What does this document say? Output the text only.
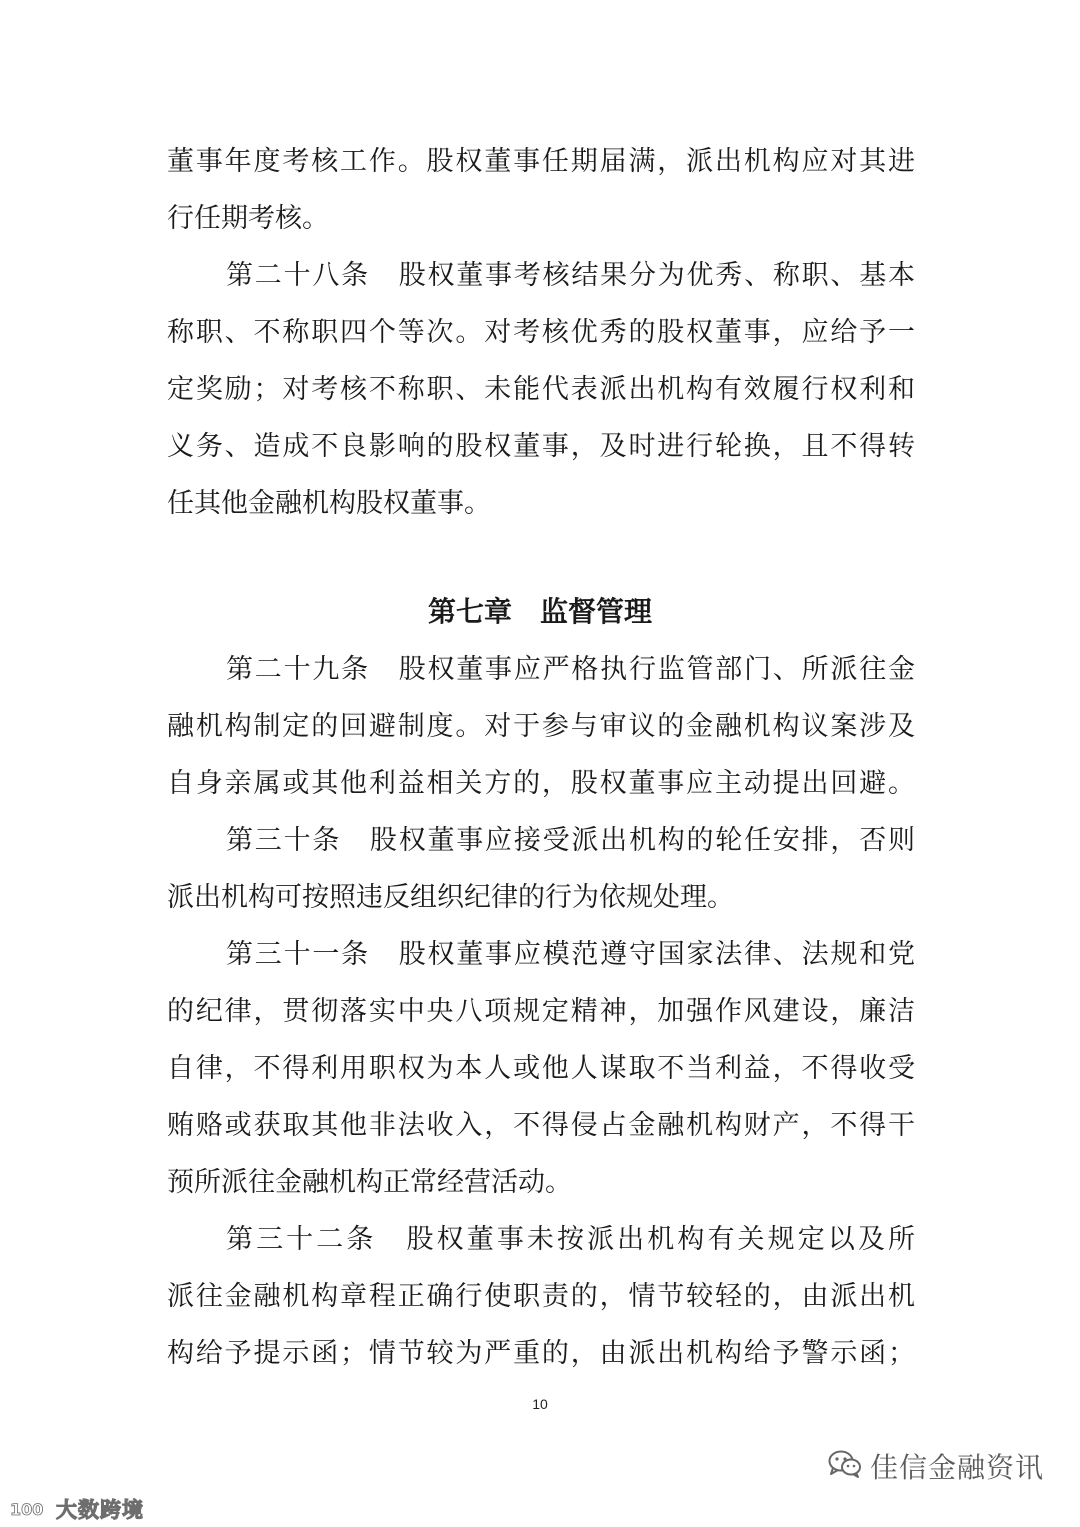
董事年度考核工作。股权董事任期届满，派出机构应对其进
行任期考核。
第二十八条　股权董事考核结果分为优秀、称职、基本
称职、不称职四个等次。对考核优秀的股权董事，应给予一
定奖励；对考核不称职、未能代表派出机构有效履行权利和
义务、造成不良影响的股权董事，及时进行轮换，且不得转
任其他金融机构股权董事。
第七章　监督管理
第二十九条　股权董事应严格执行监管部门、所派往金
融机构制定的回避制度。对于参与审议的金融机构议案涉及
自身亲属或其他利益相关方的，股权董事应主动提出回避。
第三十条　股权董事应接受派出机构的轮任安排，否则
派出机构可按照违反组织纪律的行为依规处理。
第三十一条　股权董事应模范遵守国家法律、法规和党
的纪律，贯彻落实中央八项规定精神，加强作风建设，廉洁
自律，不得利用职权为本人或他人谋取不当利益，不得收受
贿赂或获取其他非法收入，不得侵占金融机构财产，不得干
预所派往金融机构正常经营活动。
第三十二条　股权董事未按派出机构有关规定以及所
派往金融机构章程正确行使职责的，情节较轻的，由派出机
构给予提示函；情节较为严重的，由派出机构给予警示函；
10
佳信金融资讯
100 大数跨境
